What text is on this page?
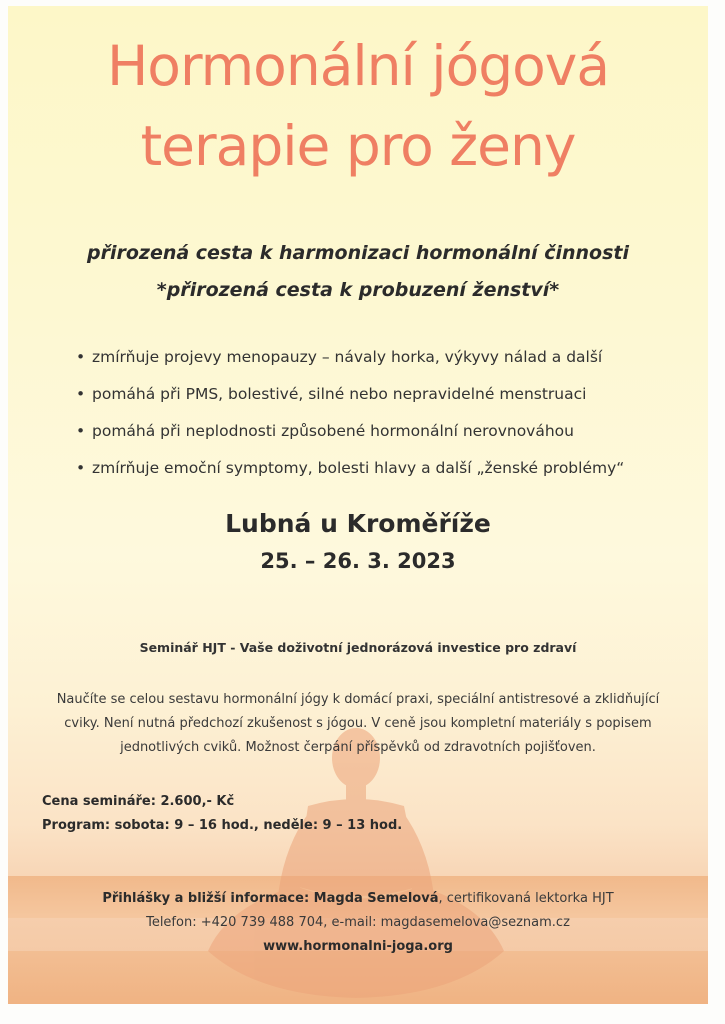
Hormonální jógová
terapie pro ženy
přirozená cesta k harmonizaci hormonální činnosti
*přirozená cesta k probuzení ženství*
• zmírňuje projevy menopauzy – návaly horka, výkyvy nálad a další
• pomáhá při PMS, bolestivé, silné nebo nepravidelné menstruaci
• pomáhá při neplodnosti způsobené hormonální nerovnováhou
• zmírňuje emoční symptomy, bolesti hlavy a další „ženské problémy“
Lubná u Kroměříže
25. – 26. 3. 2023
Seminář HJT - Vaše doživotní jednorázová investice pro zdraví
Naučíte se celou sestavu hormonální jógy k domácí praxi, speciální antistresové a zklidňující
cviky. Není nutná předchozí zkušenost s jógou. V ceně jsou kompletní materiály s popisem
jednotlivých cviků. Možnost čerpání příspěvků od zdravotních pojišťoven.
Cena semináře: 2.600,- Kč
Program: sobota: 9 – 16 hod., neděle: 9 – 13 hod.
Přihlášky a bližší informace: Magda Semelová, certifikovaná lektorka HJT
Telefon: +420 739 488 704, e-mail: magdasemelova@seznam.cz
www.hormonalni-joga.org
